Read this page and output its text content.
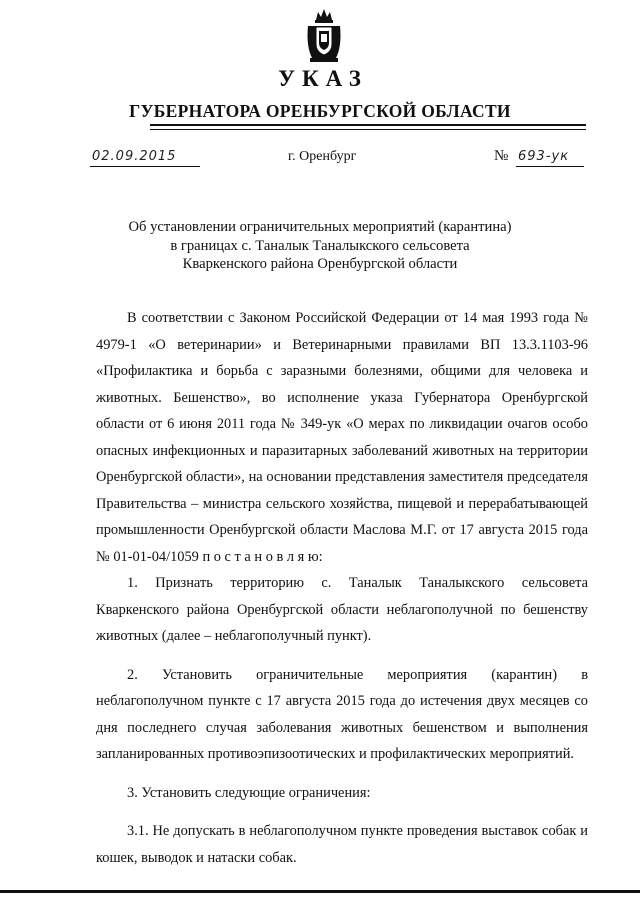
УКАЗ
ГУБЕРНАТОРА ОРЕНБУРГСКОЙ ОБЛАСТИ
02.09.2015	г. Оренбург	№ 693-ук
Об установлении ограничительных мероприятий (карантина)
в границах с. Таналык Таналыкского сельсовета
Кваркенского района Оренбургской области

В соответствии с Законом Российской Федерации от 14 мая 1993 года № 4979-1 «О ветеринарии» и Ветеринарными правилами ВП 13.3.1103-96 «Профилактика и борьба с заразными болезнями, общими для человека и животных. Бешенство», во исполнение указа Губернатора Оренбургской области от 6 июня 2011 года № 349-ук «О мерах по ликвидации очагов особо опасных инфекционных и паразитарных заболеваний животных на территории Оренбургской области», на основании представления заместителя председателя Правительства – министра сельского хозяйства, пищевой и перерабатывающей промышленности Оренбургской области Маслова М.Г. от 17 августа 2015 года № 01-01-04/1059 п о с т а н о в л я ю:

1. Признать территорию с. Таналык Таналыкского сельсовета Кваркенского района Оренбургской области неблагополучной по бешенству животных (далее – неблагополучный пункт).

2. Установить ограничительные мероприятия (карантин) в неблагополучном пункте с 17 августа 2015 года до истечения двух месяцев со дня последнего случая заболевания животных бешенством и выполнения запланированных противоэпизоотических и профилактических мероприятий.

3. Установить следующие ограничения:

3.1. Не допускать в неблагополучном пункте проведения выставок собак и кошек, выводок и натаски собак.
